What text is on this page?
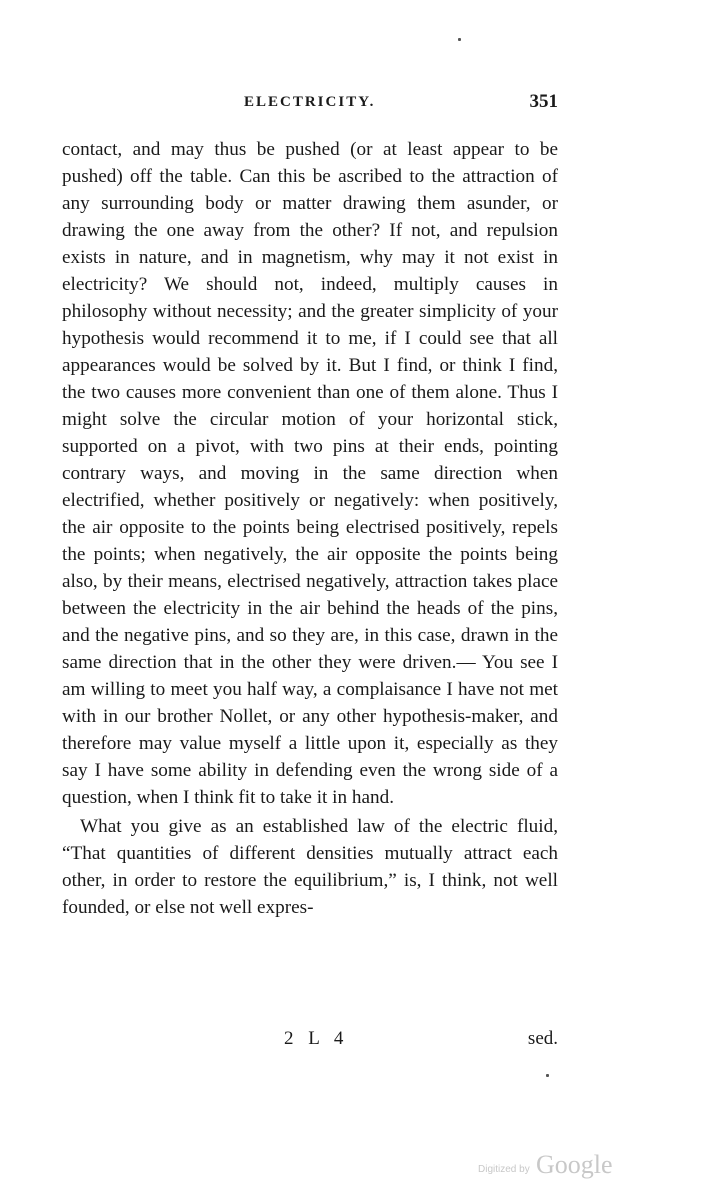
ELECTRICITY.	351

contact, and may thus be pushed (or at least appear to be pushed) off the table. Can this be ascribed to the attraction of any surrounding body or matter drawing them asunder, or drawing the one away from the other? If not, and repulsion exists in nature, and in magnetism, why may it not exist in electricity? We should not, indeed, multiply causes in philosophy without necessity; and the greater simplicity of your hypothesis would recommend it to me, if I could see that all appearances would be solved by it. But I find, or think I find, the two causes more convenient than one of them alone. Thus I might solve the circular motion of your horizontal stick, supported on a pivot, with two pins at their ends, pointing contrary ways, and moving in the same direction when electrified, whether positively or negatively: when positively, the air opposite to the points being electrised positively, repels the points; when negatively, the air opposite the points being also, by their means, electrised negatively, attraction takes place between the electricity in the air behind the heads of the pins, and the negative pins, and so they are, in this case, drawn in the same direction that in the other they were driven.— You see I am willing to meet you half way, a complaisance I have not met with in our brother Nollet, or any other hypothesis-maker, and therefore may value myself a little upon it, especially as they say I have some ability in defending even the wrong side of a question, when I think fit to take it in hand.

What you give as an established law of the electric fluid, “That quantities of different densities mutually attract each other, in order to restore the equilibrium,” is, I think, not well founded, or else not well expres-

2 L 4	sed.
Digitized by Google
